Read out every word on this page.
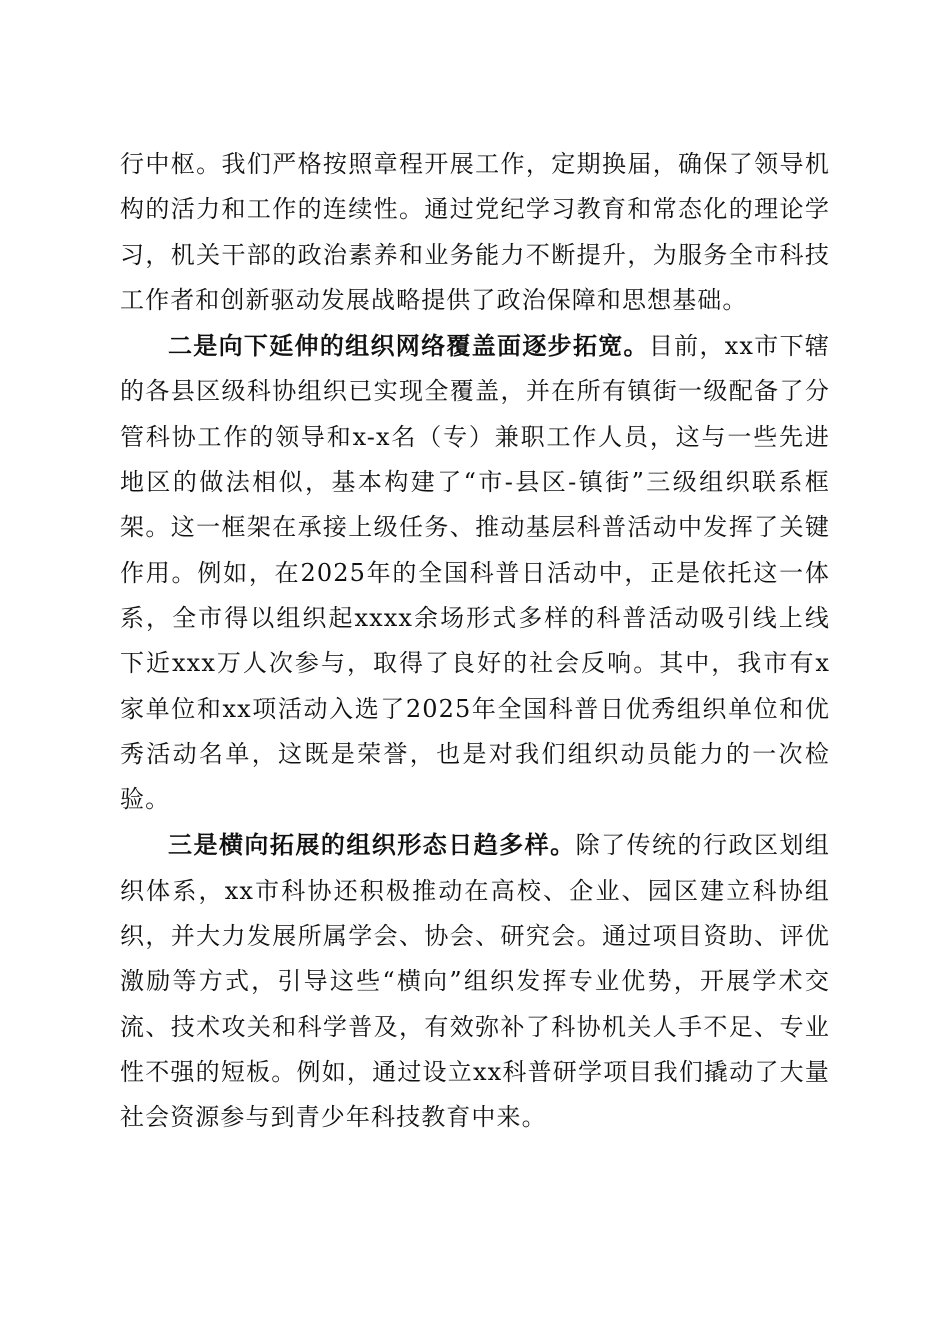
行中枢。我们严格按照章程开展工作，定期换届，确保了领导机构的活力和工作的连续性。通过党纪学习教育和常态化的理论学习，机关干部的政治素养和业务能力不断提升，为服务全市科技工作者和创新驱动发展战略提供了政治保障和思想基础。

二是向下延伸的组织网络覆盖面逐步拓宽。目前，xx市下辖的各县区级科协组织已实现全覆盖，并在所有镇街一级配备了分管科协工作的领导和x-x名（专）兼职工作人员，这与一些先进地区的做法相似，基本构建了“市-县区-镇街”三级组织联系框架。这一框架在承接上级任务、推动基层科普活动中发挥了关键作用。例如，在2025年的全国科普日活动中，正是依托这一体系，全市得以组织起xxxx余场形式多样的科普活动吸引线上线下近xxx万人次参与，取得了良好的社会反响。其中，我市有x家单位和xx项活动入选了2025年全国科普日优秀组织单位和优秀活动名单，这既是荣誉，也是对我们组织动员能力的一次检验。

三是横向拓展的组织形态日趋多样。除了传统的行政区划组织体系，xx市科协还积极推动在高校、企业、园区建立科协组织，并大力发展所属学会、协会、研究会。通过项目资助、评优激励等方式，引导这些“横向”组织发挥专业优势，开展学术交流、技术攻关和科学普及，有效弥补了科协机关人手不足、专业性不强的短板。例如，通过设立xx科普研学项目我们撬动了大量社会资源参与到青少年科技教育中来。
